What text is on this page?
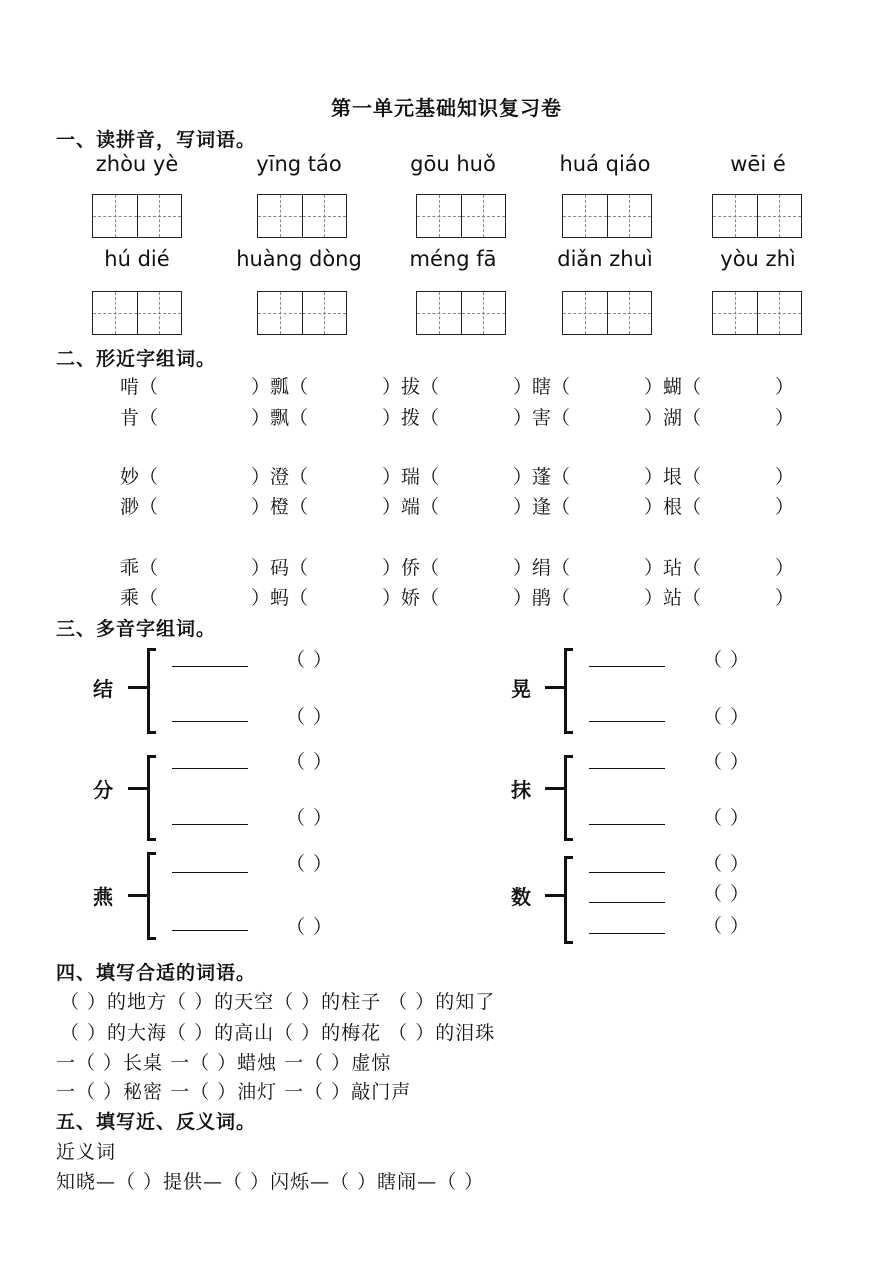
第一单元基础知识复习卷
一、读拼音，写词语。
zhòu yè	yīng táo	gōu huǒ	huá qiáo	wēi é
hú dié	huàng dòng	méng fā	diǎn zhuì	yòu zhì
二、形近字组词。
啃（	）瓢（	）拔（	）瞎（	）蝴（	）
肯（	）飘（	）拨（	）害（	）湖（	）
妙（	）澄（	）瑞（	）蓬（	）垠（	）
渺（	）橙（	）端（	）逢（	）根（	）
乖（	）码（	）侨（	）绢（	）玷（	）
乘（	）蚂（	）娇（	）鹃（	）站（	）
三、多音字组词。
结
（ ）
（ ）
晃
（ ）
（ ）
分
（ ）
（ ）
抹
（ ）
（ ）
燕
（ ）
（ ）
数
（ ）
（ ）
（ ）
四、填写合适的词语。
（ ）的地方（ ）的天空（ ）的柱子 （ ）的知了
（ ）的大海（ ）的高山（ ）的梅花 （ ）的泪珠
一（ ）长桌 一（ ）蜡烛 一（ ）虚惊
一（ ）秘密 一（ ）油灯 一（ ）敲门声
五、填写近、反义词。
近义词
知晓—（ ）提供—（ ）闪烁—（ ）瞎闹—（ ）
